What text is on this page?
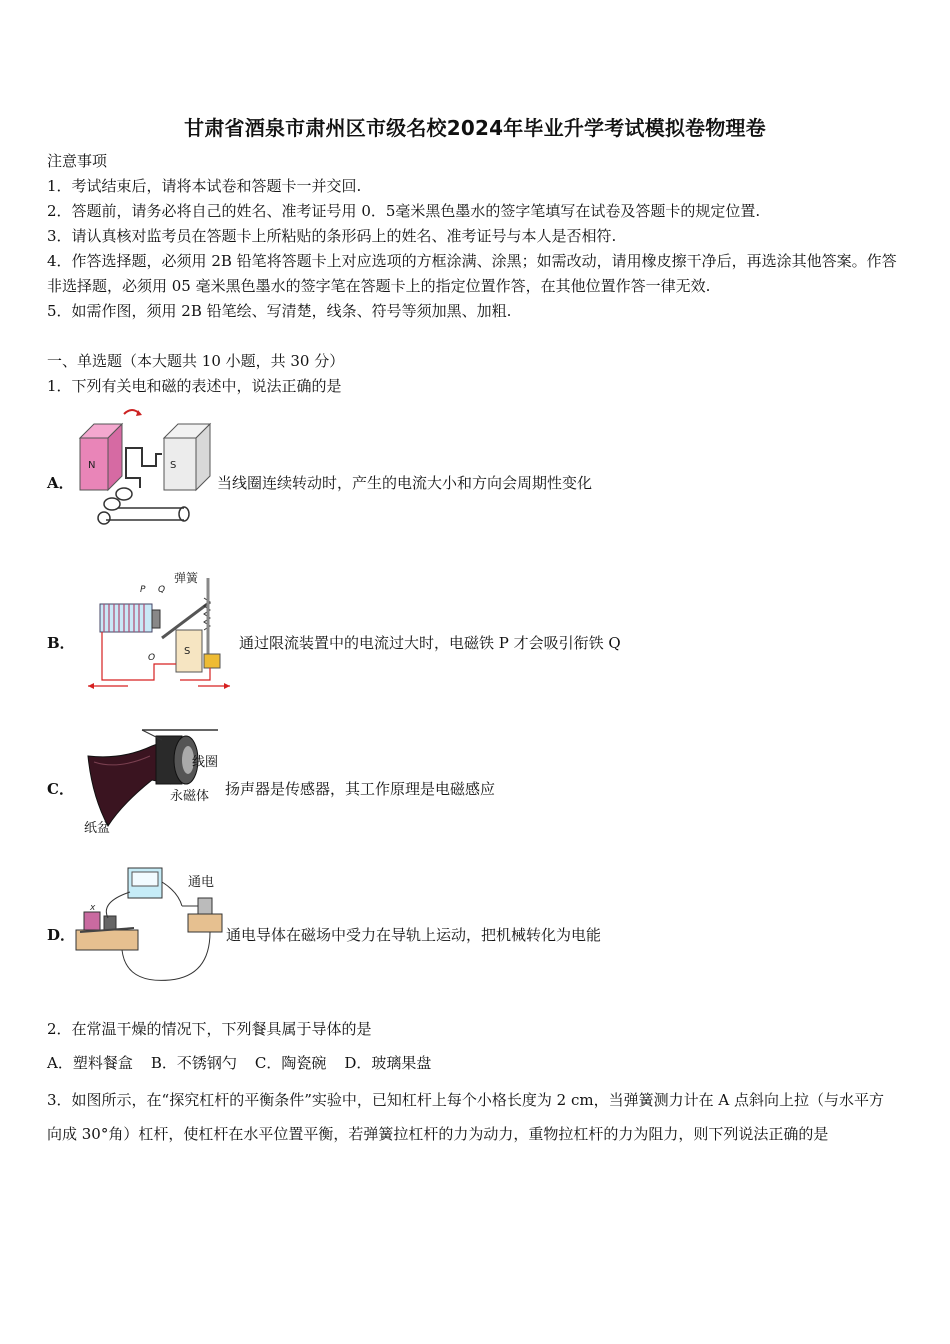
甘肃省酒泉市肃州区市级名校2024年毕业升学考试模拟卷物理卷
注意事项
1．考试结束后，请将本试卷和答题卡一并交回.
2．答题前，请务必将自己的姓名、准考证号用 0．5毫米黑色墨水的签字笔填写在试卷及答题卡的规定位置.
3．请认真核对监考员在答题卡上所粘贴的条形码上的姓名、准考证号与本人是否相符.
4．作答选择题，必须用 2B 铅笔将答题卡上对应选项的方框涂满、涂黑；如需改动，请用橡皮擦干净后，再选涂其他答案。作答非选择题，必须用 05 毫米黑色墨水的签字笔在答题卡上的指定位置作答，在其他位置作答一律无效.
5．如需作图，须用 2B 铅笔绘、写清楚，线条、符号等须加黑、加粗.
一、单选题（本大题共 10 小题，共 30 分）
1．下列有关电和磁的表述中，说法正确的是
A．
N	S
当线圈连续转动时，产生的电流大小和方向会周期性变化
B．
弹簧
P Q
S
O
通过限流装置中的电流过大时，电磁铁 P 才会吸引衔铁 Q
C．
线圈
永磁体
纸盆
扬声器是传感器，其工作原理是电磁感应
D．
通电
x
通电导体在磁场中受力在导轨上运动，把机械转化为电能
2．在常温干燥的情况下，下列餐具属于导体的是
A．塑料餐盒 B．不锈钢勺 C．陶瓷碗 D．玻璃果盘
3．如图所示，在“探究杠杆的平衡条件”实验中，已知杠杆上每个小格长度为 2 cm，当弹簧测力计在 A 点斜向上拉（与水平方向成 30°角）杠杆，使杠杆在水平位置平衡，若弹簧拉杠杆的力为动力，重物拉杠杆的力为阻力，则下列说法正确的是
